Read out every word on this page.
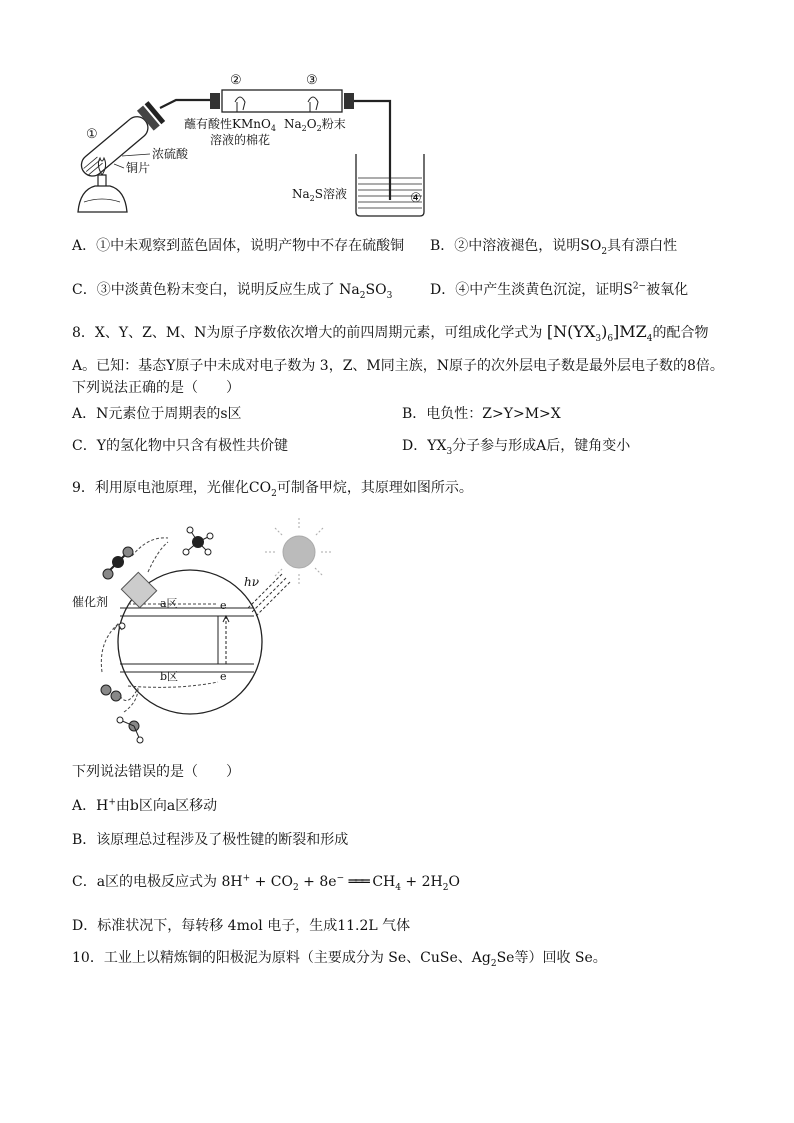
①
②	③
④
蘸有酸性KMnO$_4$
溶液的棉花
$Na_2O_2$粉末
浓硫酸
铜片
$Na_2S$溶液
A．①中未观察到蓝色固体，说明产物中不存在硫酸铜 B．②中溶液褪色，说明$SO_2$具有漂白性
C．③中淡黄色粉末变白，说明反应生成了 $Na_2SO_3$	D．④中产生淡黄色沉淀，证明$S^{2-}$被氧化
8．X、Y、Z、M、N为原子序数依次增大的前四周期元素，可组成化学式为 $[N(YX_3)_6]MZ_4$的配合物
A。已知：基态Y原子中未成对电子数为 3，Z、M同主族，N原子的次外层电子数是最外层电子数的8倍。
下列说法正确的是（　　）
A．N元素位于周期表的s区	B．电负性：Z>Y>M>X
C．Y的氢化物中只含有极性共价键	D．$YX_3$分子参与形成A后，键角变小
9．利用原电池原理，光催化$CO_2$可制备甲烷，其原理如图所示。
hν
a区
b区
e
e
催化剂
下列说法错误的是（　　）
A．H+由b区向a区移动
B．该原理总过程涉及了极性键的断裂和形成
C．a区的电极反应式为 $8H^+ + CO_2 + 8e^-$ ═══ $CH_4 + 2H_2O$
D．标准状况下，每转移 4mol 电子，生成11.2L 气体
10．工业上以精炼铜的阳极泥为原料（主要成分为 Se、CuSe、$Ag_2Se$等）回收 Se。
